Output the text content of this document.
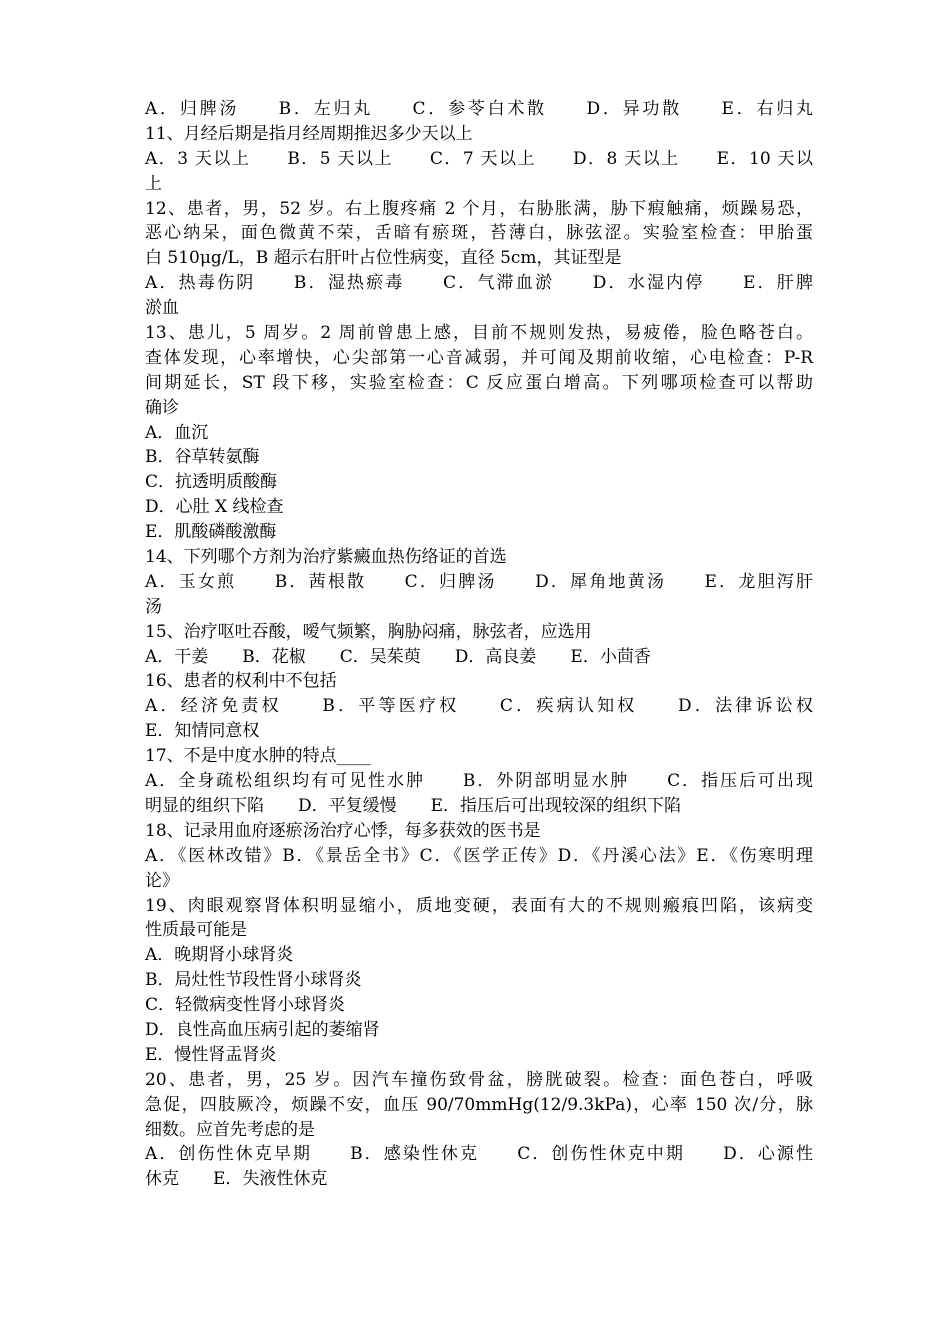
A．归脾汤　　B．左归丸　　C．参苓白术散　　D．异功散　　E．右归丸
11、月经后期是指月经周期推迟多少天以上
A．3 天以上　　B．5 天以上　　C．7 天以上　　D．8 天以上　　E．10 天以
上
12、患者，男，52 岁。右上腹疼痛 2 个月，右胁胀满，胁下瘕触痛，烦躁易恐，
恶心纳呆，面色微黄不荣，舌暗有瘀斑，苔薄白，脉弦涩。实验室检查：甲胎蛋
白 510μg/L，B 超示右肝叶占位性病变，直径 5cm，其证型是
A．热毒伤阴　　B．湿热瘀毒　　C．气滞血淤　　D．水湿内停　　E．肝脾
淤血
13、患儿，5 周岁。2 周前曾患上感，目前不规则发热，易疲倦，脸色略苍白。
查体发现，心率增快，心尖部第一心音减弱，并可闻及期前收缩，心电检查：P-R
间期延长，ST 段下移，实验室检查：C 反应蛋白增高。下列哪项检查可以帮助
确诊
A．血沉
B．谷草转氨酶
C．抗透明质酸酶
D．心肚 X 线检查
E．肌酸磷酸激酶
14、下列哪个方剂为治疗紫癜血热伤络证的首选
A．玉女煎　　B．茜根散　　C．归脾汤　　D．犀角地黄汤　　E．龙胆泻肝
汤
15、治疗呕吐吞酸，嗳气频繁，胸胁闷痛，脉弦者，应选用
A．干姜　　B．花椒　　C．吴茱萸　　D．高良姜　　E．小茴香
16、患者的权利中不包括
A．经济免责权　　B．平等医疗权　　C．疾病认知权　　D．法律诉讼权
E．知情同意权
17、不是中度水肿的特点____
A．全身疏松组织均有可见性水肿　　B．外阴部明显水肿　　C．指压后可出现
明显的组织下陷　　D．平复缓慢　　E．指压后可出现较深的组织下陷
18、记录用血府逐瘀汤治疗心悸，每多获效的医书是
A．《医林改错》B．《景岳全书》C．《医学正传》D．《丹溪心法》E．《伤寒明理
论》
19、肉眼观察肾体积明显缩小，质地变硬，表面有大的不规则瘢痕凹陷，该病变
性质最可能是
A．晚期肾小球肾炎
B．局灶性节段性肾小球肾炎
C．轻微病变性肾小球肾炎
D．良性高血压病引起的萎缩肾
E．慢性肾盂肾炎
20、患者，男，25 岁。因汽车撞伤致骨盆，膀胱破裂。检查：面色苍白，呼吸
急促，四肢厥冷，烦躁不安，血压 90/70mmHg(12/9.3kPa)，心率 150 次/分，脉
细数。应首先考虑的是
A．创伤性休克早期　　B．感染性休克　　C．创伤性休克中期　　D．心源性
休克　　E．失液性休克
